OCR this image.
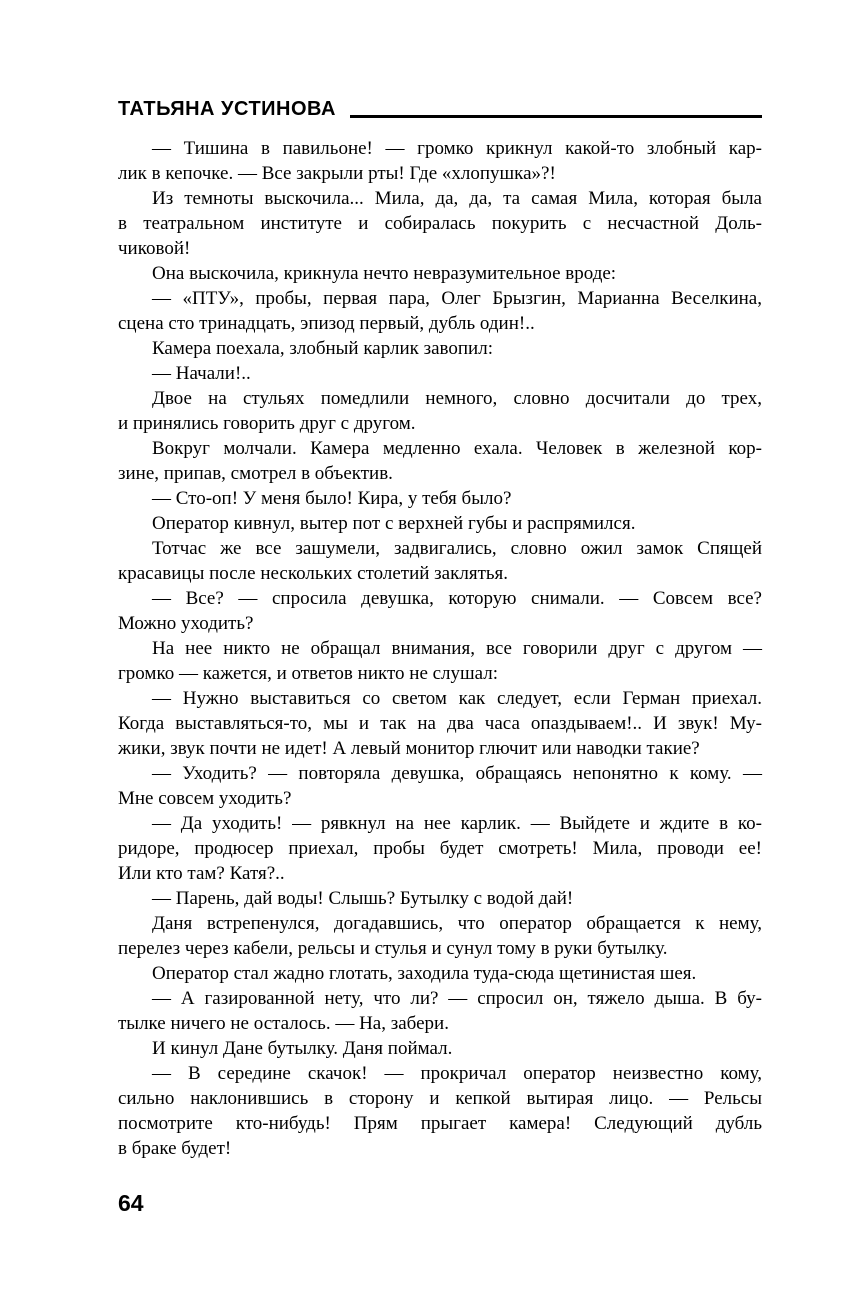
ТАТЬЯНА УСТИНОВА
— Тишина в павильоне! — громко крикнул какой-то злобный кар-
лик в кепочке. — Все закрыли рты! Где «хлопушка»?!
Из темноты выскочила... Мила, да, да, та самая Мила, которая была
в театральном институте и собиралась покурить с несчастной Доль-
чиковой!
Она выскочила, крикнула нечто невразумительное вроде:
— «ПТУ», пробы, первая пара, Олег Брызгин, Марианна Веселкина,
сцена сто тринадцать, эпизод первый, дубль один!..
Камера поехала, злобный карлик завопил:
— Начали!..
Двое на стульях помедлили немного, словно досчитали до трех,
и принялись говорить друг с другом.
Вокруг молчали. Камера медленно ехала. Человек в железной кор-
зине, припав, смотрел в объектив.
— Сто-оп! У меня было! Кира, у тебя было?
Оператор кивнул, вытер пот с верхней губы и распрямился.
Тотчас же все зашумели, задвигались, словно ожил замок Спящей
красавицы после нескольких столетий заклятья.
— Все? — спросила девушка, которую снимали. — Совсем все?
Можно уходить?
На нее никто не обращал внимания, все говорили друг с другом —
громко — кажется, и ответов никто не слушал:
— Нужно выставиться со светом как следует, если Герман приехал.
Когда выставляться-то, мы и так на два часа опаздываем!.. И звук! Му-
жики, звук почти не идет! А левый монитор глючит или наводки такие?
— Уходить? — повторяла девушка, обращаясь непонятно к кому. —
Мне совсем уходить?
— Да уходить! — рявкнул на нее карлик. — Выйдете и ждите в ко-
ридоре, продюсер приехал, пробы будет смотреть! Мила, проводи ее!
Или кто там? Катя?..
— Парень, дай воды! Слышь? Бутылку с водой дай!
Даня встрепенулся, догадавшись, что оператор обращается к нему,
перелез через кабели, рельсы и стулья и сунул тому в руки бутылку.
Оператор стал жадно глотать, заходила туда-сюда щетинистая шея.
— А газированной нету, что ли? — спросил он, тяжело дыша. В бу-
тылке ничего не осталось. — На, забери.
И кинул Дане бутылку. Даня поймал.
— В середине скачок! — прокричал оператор неизвестно кому,
сильно наклонившись в сторону и кепкой вытирая лицо. — Рельсы
посмотрите кто-нибудь! Прям прыгает камера! Следующий дубль
в браке будет!
64
